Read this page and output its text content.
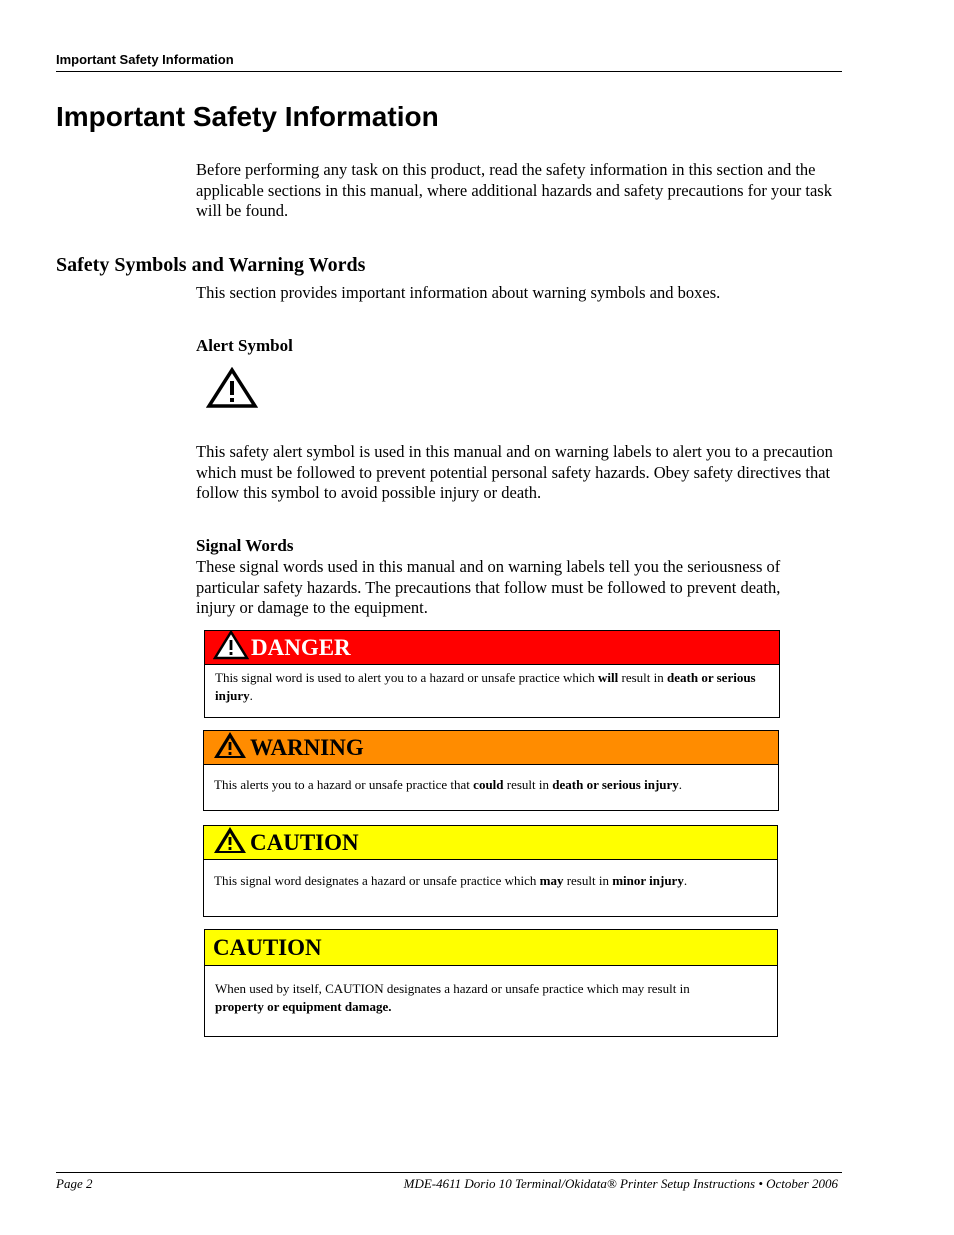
Important Safety Information
Important Safety Information

Before performing any task on this product, read the safety information in this section and the applicable sections in this manual, where additional hazards and safety precautions for your task will be found.

Safety Symbols and Warning Words

This section provides important information about warning symbols and boxes.

Alert Symbol

This safety alert symbol is used in this manual and on warning labels to alert you to a precaution which must be followed to prevent potential personal safety hazards. Obey safety directives that follow this symbol to avoid possible injury or death.

Signal Words

These signal words used in this manual and on warning labels tell you the seriousness of particular safety hazards. The precautions that follow must be followed to prevent death, injury or damage to the equipment.

DANGER
This signal word is used to alert you to a hazard or unsafe practice which will result in death or serious injury.
WARNING
This alerts you to a hazard or unsafe practice that could result in death or serious injury.
CAUTION
This signal word designates a hazard or unsafe practice which may result in minor injury.
CAUTION
When used by itself, CAUTION designates a hazard or unsafe practice which may result in
property or equipment damage.
Page 2	MDE-4611 Dorio 10 Terminal/Okidata® Printer Setup Instructions • October 2006
